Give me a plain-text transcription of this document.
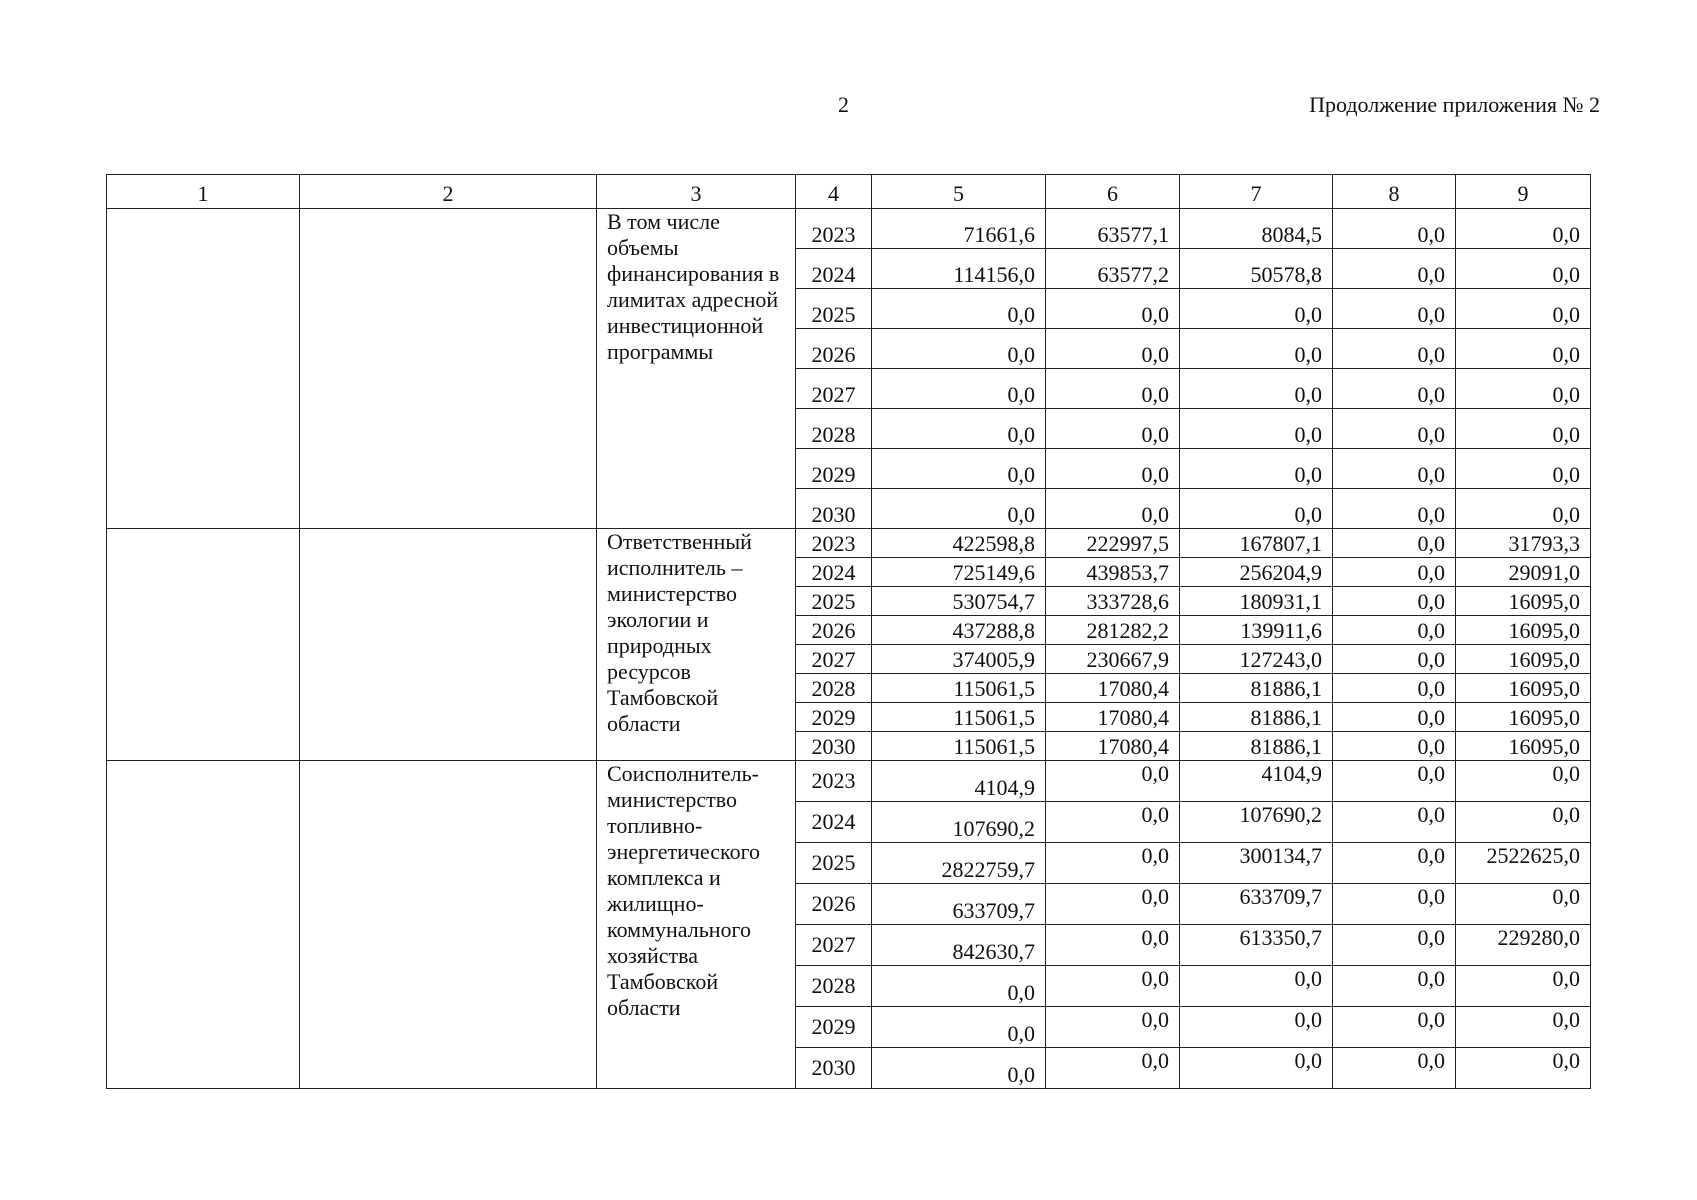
2	Продолжение приложения № 2
1	2	3	4	5	6	7	8	9
		В том числе объемы финансирования в лимитах адресной инвестиционной программы	2023	71661,6	63577,1	8084,5	0,0	0,0
			2024	114156,0	63577,2	50578,8	0,0	0,0
			2025	0,0	0,0	0,0	0,0	0,0
			2026	0,0	0,0	0,0	0,0	0,0
			2027	0,0	0,0	0,0	0,0	0,0
			2028	0,0	0,0	0,0	0,0	0,0
			2029	0,0	0,0	0,0	0,0	0,0
			2030	0,0	0,0	0,0	0,0	0,0
		Ответственный исполнитель – министерство экологии и природных ресурсов Тамбовской области	2023	422598,8	222997,5	167807,1	0,0	31793,3
			2024	725149,6	439853,7	256204,9	0,0	29091,0
			2025	530754,7	333728,6	180931,1	0,0	16095,0
			2026	437288,8	281282,2	139911,6	0,0	16095,0
			2027	374005,9	230667,9	127243,0	0,0	16095,0
			2028	115061,5	17080,4	81886,1	0,0	16095,0
			2029	115061,5	17080,4	81886,1	0,0	16095,0
			2030	115061,5	17080,4	81886,1	0,0	16095,0
		Соисполнитель-министерство топливно-энергетического комплекса и жилищно-коммунального хозяйства Тамбовской области	2023	4104,9	0,0	4104,9	0,0	0,0
			2024	107690,2	0,0	107690,2	0,0	0,0
			2025	2822759,7	0,0	300134,7	0,0	2522625,0
			2026	633709,7	0,0	633709,7	0,0	0,0
			2027	842630,7	0,0	613350,7	0,0	229280,0
			2028	0,0	0,0	0,0	0,0	0,0
			2029	0,0	0,0	0,0	0,0	0,0
			2030	0,0	0,0	0,0	0,0	0,0
